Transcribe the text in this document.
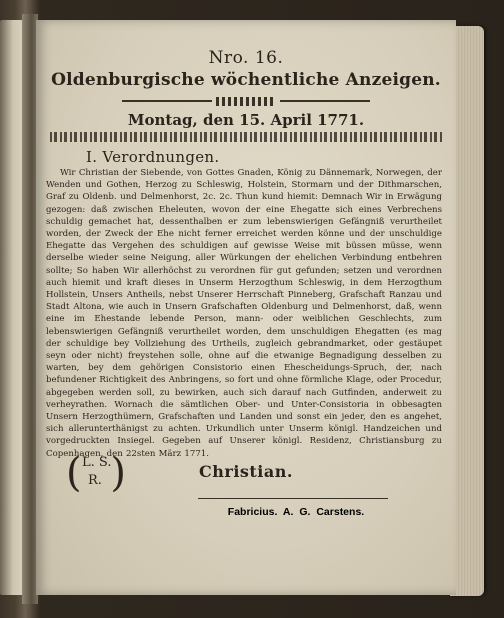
Nro. 16.
Oldenburgische wöchentliche Anzeigen.
Montag, den 15. April 1771.
I. Verordnungen.
Wir Christian der Siebende, von Gottes Gnaden, König zu Dännemark, Norwegen, der Wenden und Gothen, Herzog zu Schleswig, Holstein, Stormarn und der Dithmarschen, Graf zu Oldenb. und Delmenhorst, 2c. 2c. Thun kund hiemit: Demnach Wir in Erwägung gezogen: daß zwischen Eheleuten, wovon der eine Ehegatte sich eines Verbrechens schuldig gemachet hat, dessenthalben er zum lebenswierigen Gefängniß verurtheilet worden, der Zweck der Ehe nicht ferner erreichet werden könne und der unschuldige Ehegatte das Vergehen des schuldigen auf gewisse Weise mit büssen müsse, wenn derselbe wieder seine Neigung, aller Würkungen der ehelichen Verbindung entbehren sollte; So haben Wir allerhöchst zu verordnen für gut gefunden; setzen und verordnen auch hiemit und kraft dieses in Unserm Herzogthum Schleswig, in dem Herzogthum Hollstein, Unsers Antheils, nebst Unserer Herrschaft Pinneberg, Grafschaft Ranzau und Stadt Altona, wie auch in Unsern Grafschaften Oldenburg und Delmenhorst, daß, wenn eine im Ehestande lebende Person, mann- oder weiblichen Geschlechts, zum lebenswierigen Gefängniß verurtheilet worden, dem unschuldigen Ehegatten (es mag der schuldige bey Vollziehung des Urtheils, zugleich gebrandmarket, oder gestäupet seyn oder nicht) freystehen solle, ohne auf die etwanige Begnadigung desselben zu warten, bey dem gehörigen Consistorio einen Ehescheidungs-Spruch, der, nach befundener Richtigkeit des Anbringens, so fort und ohne förmliche Klage, oder Procedur, abgegeben werden soll, zu bewirken, auch sich darauf nach Gutfinden, anderweit zu verheyrathen. Wornach die sämtlichen Ober- und Unter-Consistoria in obbesagten Unsern Herzogthümern, Grafschaften und Landen und sonst ein jeder, den es angehet, sich allerunterthänigst zu achten. Urkundlich unter Unserm königl. Handzeichen und vorgedruckten Insiegel. Gegeben auf Unserer königl. Residenz, Christiansburg zu Copenhagen, den 22sten März 1771.
Christian.
( L. S.
R. )
Fabricius. A. G. Carstens.
